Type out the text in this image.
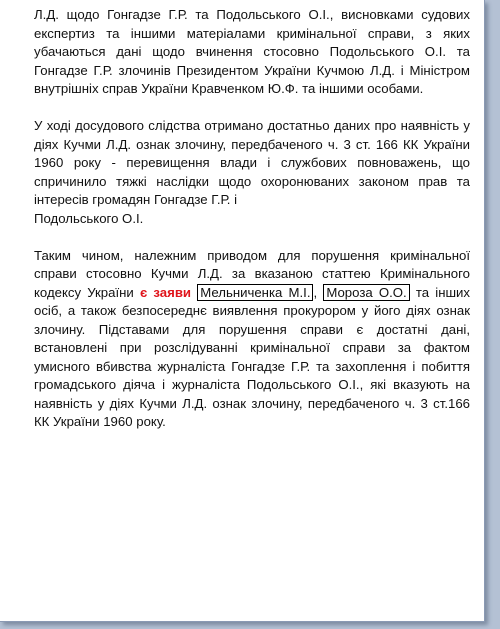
Л.Д. щодо Гонгадзе Г.Р. та Подольського О.І., висновками судових експертиз та іншими матеріалами кримінальної справи, з яких убачаються дані щодо вчинення стосовно Подольського О.І. та Гонгадзе Г.Р. злочинів Президентом України Кучмою Л.Д. і Міністром внутрішніх справ України Кравченком Ю.Ф. та іншими особами.

У ході досудового слідства отримано достатньо даних про наявність у діях Кучми Л.Д. ознак злочину, передбаченого ч. 3 ст. 166 КК України 1960 року - перевищення влади і службових повноважень, що спричинило тяжкі наслідки щодо охоронюваних законом прав та інтересів громадян Гонгадзе Г.Р. і
Подольського О.І.

Таким чином, належним приводом для порушення кримінальної справи стосовно Кучми Л.Д. за вказаною статтею Кримінального кодексу України є заяви Мельниченка М.І. , Мороза О.О. та інших осіб, а також безпосереднє виявлення прокурором у його діях ознак злочину. Підставами для порушення справи є достатні дані, встановлені при розслідуванні кримінальної справи за фактом умисного вбивства журналіста Гонгадзе Г.Р. та захоплення і побиття громадського діяча і журналіста Подольського О.І., які вказують на наявність у діях Кучми Л.Д. ознак злочину, передбаченого ч. 3 ст.166 КК України 1960 року.
